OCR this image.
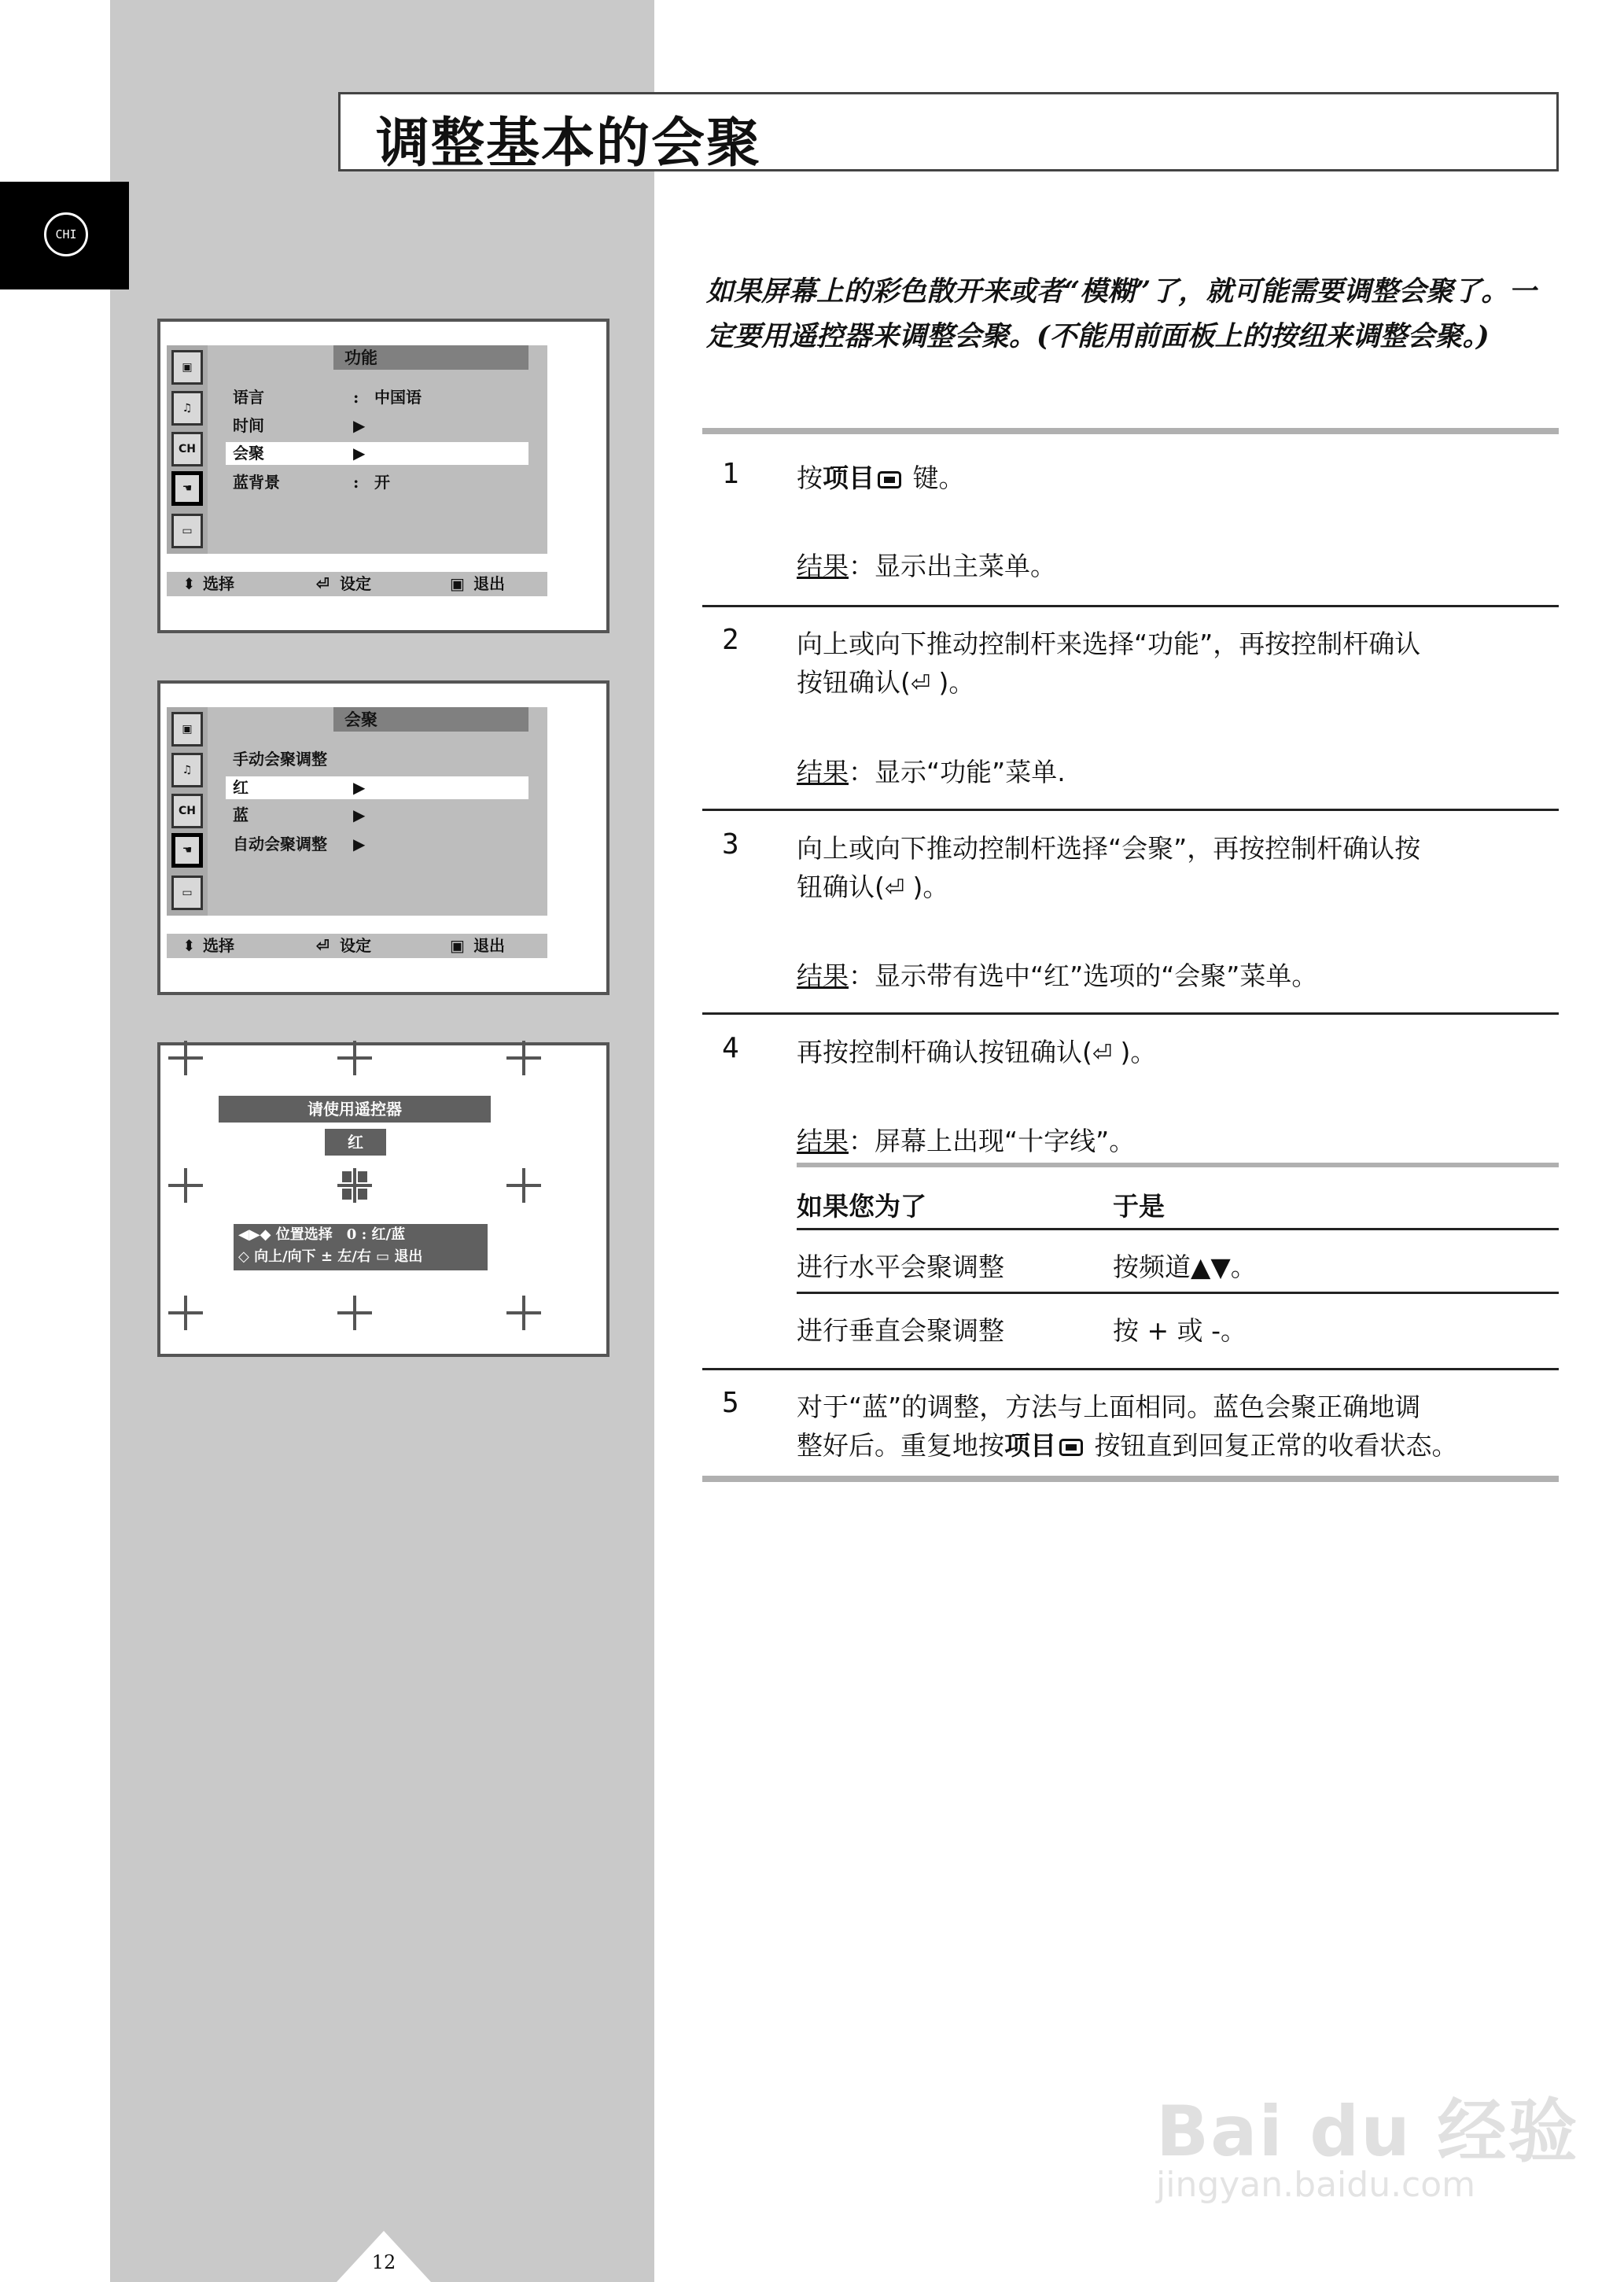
CHI
调整基本的会聚
如果屏幕上的彩色散开来或者“模糊”了，就可能需要调整会聚了。一定要用遥控器来调整会聚。(不能用前面板上的按纽来调整会聚。)
1 按项目 键。
结果：显示出主菜单。
2 向上或向下推动控制杆来选择“功能”，再按控制杆确认
按钮确认(⏎ )。
结果：显示“功能”菜单.
3 向上或向下推动控制杆选择“会聚”，再按控制杆确认按
钮确认(⏎ )。
结果：显示带有选中“红”选项的“会聚”菜单。
4 再按控制杆确认按钮确认(⏎ )。
结果：屏幕上出现“十字线”。
如果您为了	于是
进行水平会聚调整	按频道▲▼。
进行垂直会聚调整	按 + 或 -。
5 对于“蓝”的调整，方法与上面相同。蓝色会聚正确地调
整好后。重复地按项目 按钮直到回复正常的收看状态。
▣
♫
CH
☚
▭
功能
语言	: 中国语
时间	▶
会聚	▶
蓝背景	: 开
⬍ 选择	⏎ 设定	▣ 退出
▣
♫
CH
☚
▭
会聚
手动会聚调整
红	▶
蓝	▶
自动会聚调整 ▶
⬍ 选择	⏎ 设定	▣ 退出
请使用遥控器
红
◀▶◆ 位置选择　0 : 红/蓝
◇ 向上/向下 ± 左/右 ▭ 退出
12
Bai du 经验
jingyan.baidu.com
